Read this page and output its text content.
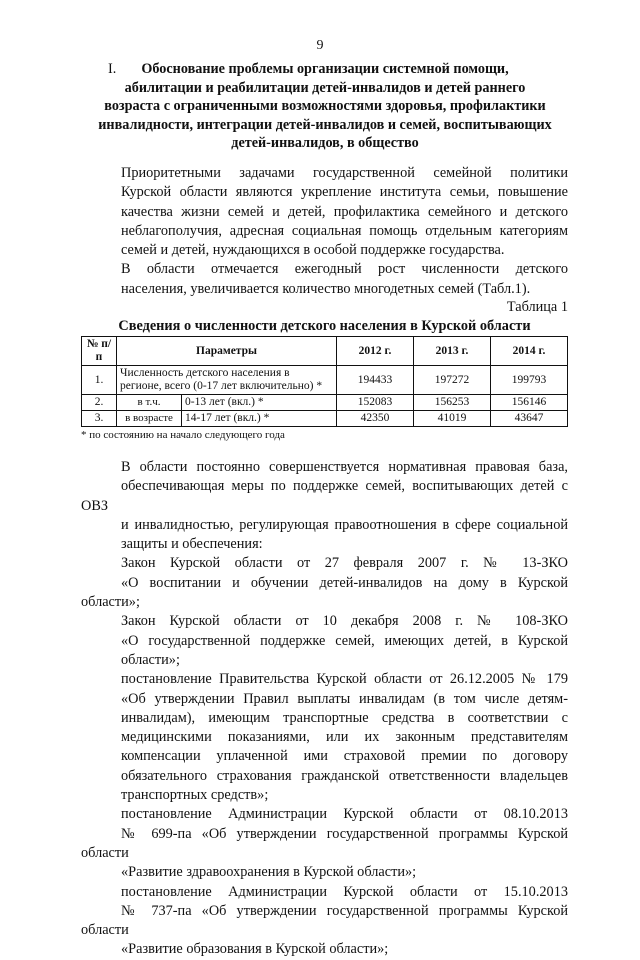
9
I.	Обоснование проблемы организации системной помощи,
абилитации и реабилитации детей-инвалидов и детей раннего
возраста с ограниченными возможностями здоровья, профилактики
инвалидности, интеграции детей-инвалидов и семей, воспитывающих
детей-инвалидов, в общество

Приоритетными задачами государственной семейной политики
Курской области являются укрепление института семьи, повышение
качества жизни семей и детей, профилактика семейного и детского
неблагополучия, адресная социальная помощь отдельным категориям
семей и детей, нуждающихся в особой поддержке государства.

В области отмечается ежегодный рост численности детского
населения, увеличивается количество многодетных семей (Табл.1).

Таблица 1
Сведения о численности детского населения в Курской области
№ п/п	Параметры		2012 г.	2013 г.	2014 г.
1.	Численность детского населения в регионе, всего (0-17 лет включительно) *		194433	197272	199793
2.	в т.ч.	0-13 лет (вкл.) *	152083	156253	156146
3.	в возрасте	14-17 лет (вкл.) *	42350	41019	43647
* по состоянию на начало следующего года

В области постоянно совершенствуется нормативная правовая база,
обеспечивающая меры по поддержке семей, воспитывающих детей с ОВЗ
и инвалидностью, регулирующая правоотношения в сфере социальной
защиты и обеспечения:

Закон Курской области от 27 февраля 2007 г. № 13-ЗКО
«О воспитании и обучении детей-инвалидов на дому в Курской области»;

Закон Курской области от 10 декабря 2008 г. № 108-ЗКО
«О государственной поддержке семей, имеющих детей, в Курской
области»;

постановление Правительства Курской области от 26.12.2005 № 179
«Об утверждении Правил выплаты инвалидам (в том числе детям-
инвалидам), имеющим транспортные средства в соответствии с
медицинскими показаниями, или их законным представителям
компенсации уплаченной ими страховой премии по договору
обязательного страхования гражданской ответственности владельцев
транспортных средств»;

постановление Администрации Курской области от 08.10.2013
№ 699-па «Об утверждении государственной программы Курской области
«Развитие здравоохранения в Курской области»;

постановление Администрации Курской области от 15.10.2013
№ 737-па «Об утверждении государственной программы Курской области
«Развитие образования в Курской области»;
